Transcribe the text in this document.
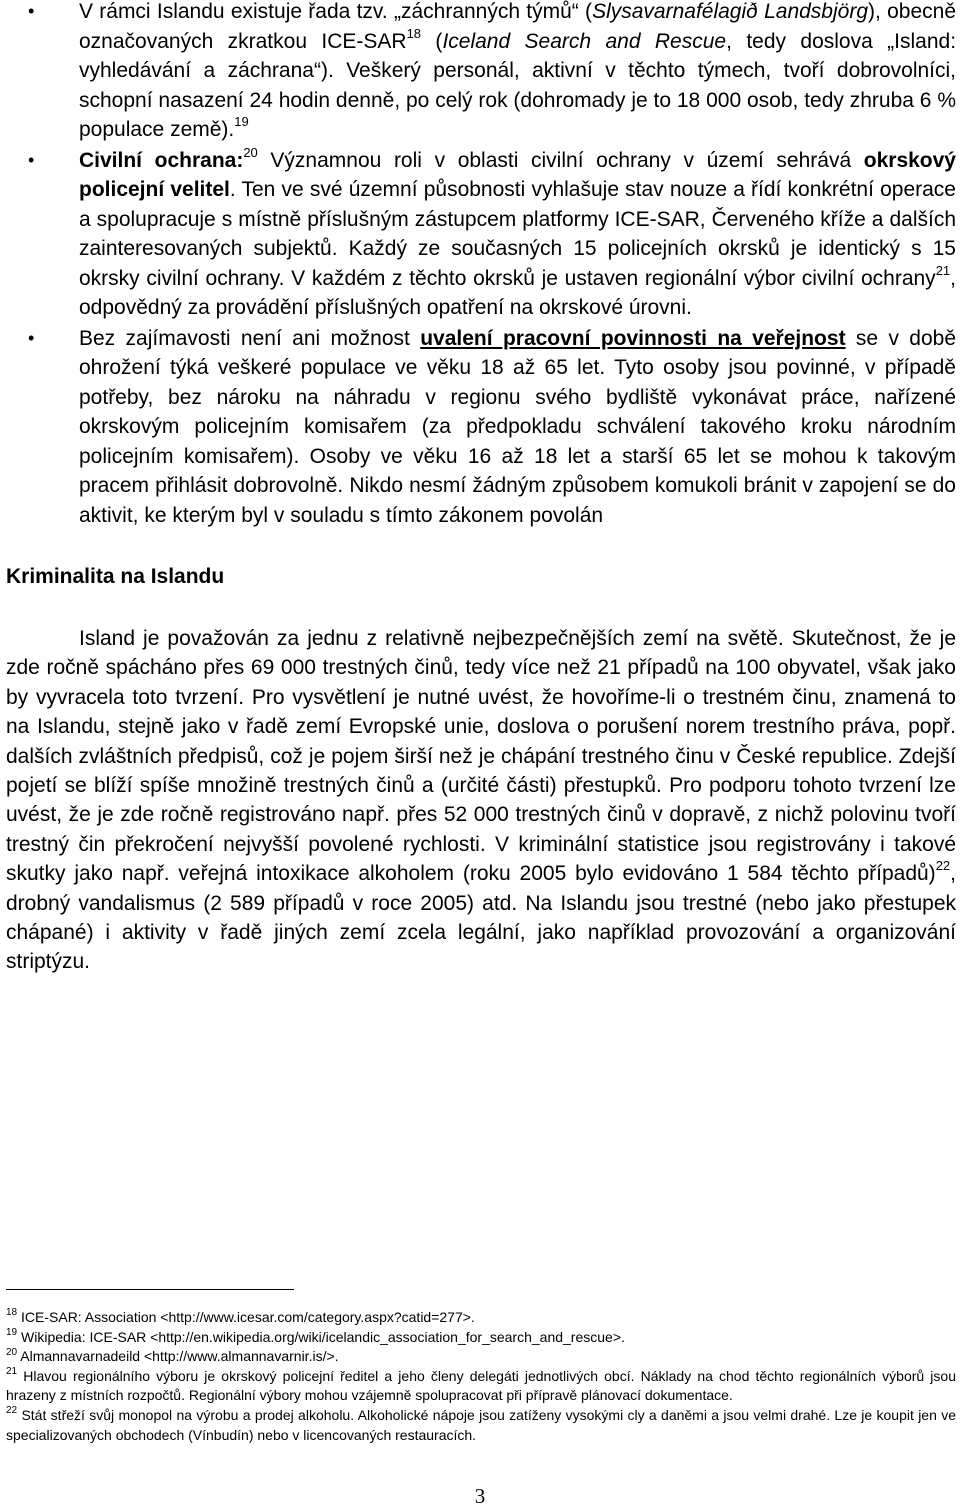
• V rámci Islandu existuje řada tzv. „záchranných týmů“ (Slysavarnafélagið Landsbjörg), obecně označovaných zkratkou ICE-SAR$^{18}$ (Iceland Search and Rescue, tedy doslova „Island: vyhledávání a záchrana“). Veškerý personál, aktivní v těchto týmech, tvoří dobrovolníci, schopní nasazení 24 hodin denně, po celý rok (dohromady je to 18 000 osob, tedy zhruba 6 % populace země).$^{19}$
• Civilní ochrana:$^{20}$ Významnou roli v oblasti civilní ochrany v území sehrává okrskový policejní velitel. Ten ve své územní působnosti vyhlašuje stav nouze a řídí konkrétní operace a spolupracuje s místně příslušným zástupcem platformy ICE-SAR, Červeného kříže a dalších zainteresovaných subjektů. Každý ze současných 15 policejních okrsků je identický s 15 okrsky civilní ochrany. V každém z těchto okrsků je ustaven regionální výbor civilní ochrany$^{21}$, odpovědný za provádění příslušných opatření na okrskové úrovni.
• Bez zajímavosti není ani možnost uvalení pracovní povinnosti na veřejnost se v době ohrožení týká veškeré populace ve věku 18 až 65 let. Tyto osoby jsou povinné, v případě potřeby, bez nároku na náhradu v regionu svého bydliště vykonávat práce, nařízené okrskovým policejním komisařem (za předpokladu schválení takového kroku národním policejním komisařem). Osoby ve věku 16 až 18 let a starší 65 let se mohou k takovým pracem přihlásit dobrovolně. Nikdo nesmí žádným způsobem komukoli bránit v zapojení se do aktivit, ke kterým byl v souladu s tímto zákonem povolán
Kriminalita na Islandu

Island je považován za jednu z relativně nejbezpečnějších zemí na světě. Skutečnost, že je zde ročně spácháno přes 69 000 trestných činů, tedy více než 21 případů na 100 obyvatel, však jako by vyvracela toto tvrzení. Pro vysvětlení je nutné uvést, že hovoříme-li o trestném činu, znamená to na Islandu, stejně jako v řadě zemí Evropské unie, doslova o porušení norem trestního práva, popř. dalších zvláštních předpisů, což je pojem širší než je chápání trestného činu v České republice. Zdejší pojetí se blíží spíše množině trestných činů a (určité části) přestupků. Pro podporu tohoto tvrzení lze uvést, že je zde ročně registrováno např. přes 52 000 trestných činů v dopravě, z nichž polovinu tvoří trestný čin překročení nejvyšší povolené rychlosti. V kriminální statistice jsou registrovány i takové skutky jako např. veřejná intoxikace alkoholem (roku 2005 bylo evidováno 1 584 těchto případů)$^{22}$, drobný vandalismus (2 589 případů v roce 2005) atd. Na Islandu jsou trestné (nebo jako přestupek chápané) i aktivity v řadě jiných zemí zcela legální, jako například provozování a organizování striptýzu.

$^{18}$ ICE-SAR: Association <http://www.icesar.com/category.aspx?catid=277>.

$^{19}$ Wikipedia: ICE-SAR <http://en.wikipedia.org/wiki/icelandic_association_for_search_and_rescue>.

$^{20}$ Almannavarnadeild <http://www.almannavarnir.is/>.

$^{21}$ Hlavou regionálního výboru je okrskový policejní ředitel a jeho členy delegáti jednotlivých obcí. Náklady na chod těchto regionálních výborů jsou hrazeny z místních rozpočtů. Regionální výbory mohou vzájemně spolupracovat při přípravě plánovací dokumentace.

$^{22}$ Stát střeží svůj monopol na výrobu a prodej alkoholu. Alkoholické nápoje jsou zatíženy vysokými cly a daněmi a jsou velmi drahé. Lze je koupit jen ve specializovaných obchodech (Vínbudín) nebo v licencovaných restauracích.

3
